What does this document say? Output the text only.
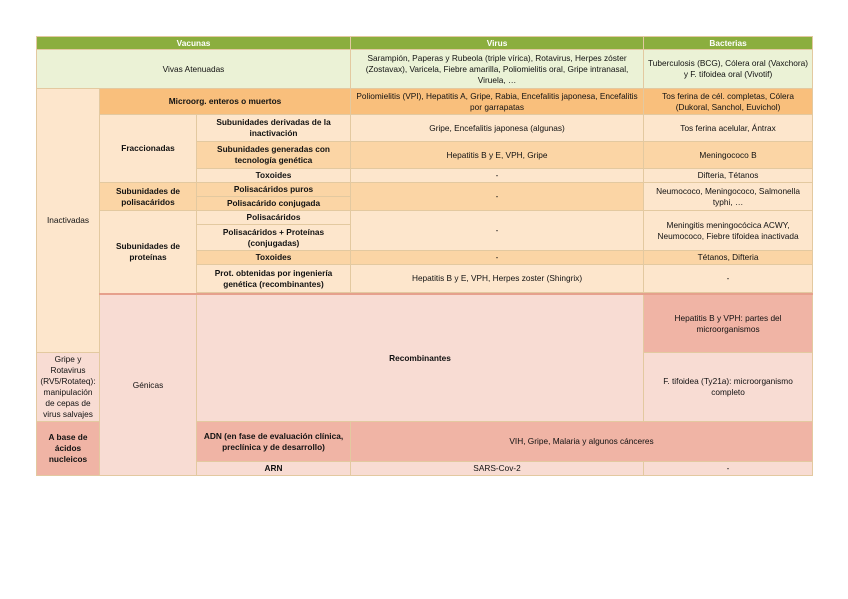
Vacunas			Virus	Bacterias	
Vivas Atenuadas			Sarampión, Paperas y Rubeola (triple vírica), Rotavirus, Herpes zóster (Zostavax), Varicela, Fiebre amarilla, Poliomielitis oral, Gripe intranasal, Viruela, …	Tuberculosis (BCG), Cólera oral (Vaxchora) y F. tifoidea oral (Vivotif)	
Inactivadas	Microorg. enteros o muertos		Poliomielitis (VPI), Hepatitis A, Gripe, Rabia, Encefalitis japonesa, Encefalitis por garrapatas	Tos ferina de cél. completas, Cólera (Dukoral, Sanchol, Euvichol)	
	Fraccionadas	Subunidades derivadas de la inactivación	Gripe, Encefalitis japonesa (algunas)	Tos ferina acelular, Ántrax	
		Subunidades generadas con tecnología genética	Hepatitis B y E, VPH, Gripe	Meningococo B	
		Toxoides	-	Difteria, Tétanos	
	Subunidades de polisacáridos	Polisacáridos puros	-	Neumococo, Meningococo, Salmonella typhi, …	
		Polisacárido conjugada			
	Subunidades de proteínas	Polisacáridos	-	Meningitis meningocócica ACWY, Neumococo, Fiebre tifoidea inactivada	
		Polisacáridos + Proteínas (conjugadas)			
		Toxoides	-	Tétanos, Difteria	
		Prot. obtenidas por ingeniería genética (recombinantes)	Hepatitis B y E, VPH, Herpes zoster (Shingrix)	-	

	Génicas	Recombinantes		Hepatitis B y VPH: partes del microorganismos	
Gripe y Rotavirus (RV5/Rotateq): manipulación de cepas de virus salvajes				F. tifoidea (Ty21a): microorganismo completo	
A base de ácidos nucleicos		ADN (en fase de evaluación clínica, preclínica y de desarrollo)	VIH, Gripe, Malaria y algunos cánceres		
		ARN	SARS-Cov-2	-	
